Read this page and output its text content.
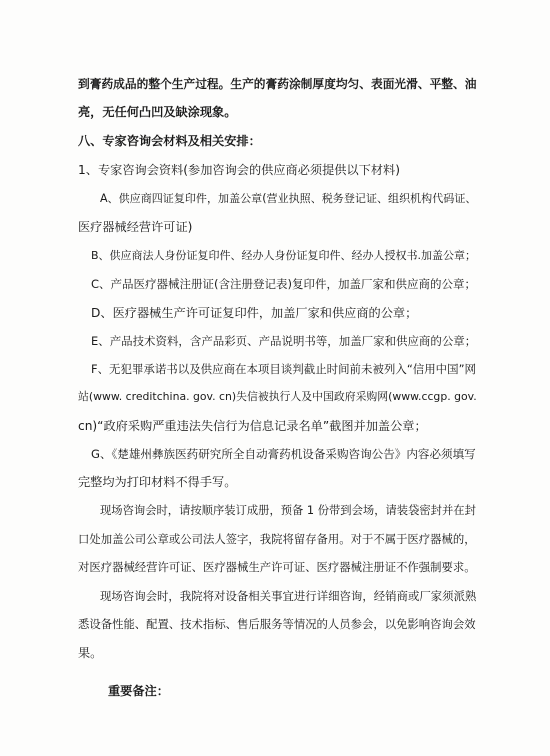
到膏药成品的整个生产过程。生产的膏药涂制厚度均匀、表面光滑、平整、油
亮，无任何凸凹及缺涂现象。
八、专家咨询会材料及相关安排：
1、专家咨询会资料(参加咨询会的供应商必须提供以下材料)
A、供应商四证复印件，加盖公章(营业执照、税务登记证、组织机构代码证、
医疗器械经营许可证)
B、供应商法人身份证复印件、经办人身份证复印件、经办人授权书.加盖公章；
C、产品医疗器械注册证(含注册登记表)复印件，加盖厂家和供应商的公章；
D、医疗器械生产许可证复印件，加盖厂家和供应商的公章；
E、产品技术资料，含产品彩页、产品说明书等，加盖厂家和供应商的公章；
F、无犯罪承诺书以及供应商在本项目谈判截止时间前未被列入“信用中国”网
站(www. creditchina. gov. cn)失信被执行人及中国政府采购网(www.ccgp. gov.
cn)“政府采购严重违法失信行为信息记录名单”截图并加盖公章；
G、《楚雄州彝族医药研究所全自动膏药机设备采购咨询公告》内容必须填写
完整均为打印材料不得手写。
现场咨询会时，请按顺序装订成册，预备 1 份带到会场，请装袋密封并在封
口处加盖公司公章或公司法人签字，我院将留存备用。对于不属于医疗器械的，
对医疗器械经营许可证、医疗器械生产许可证、医疗器械注册证不作强制要求。
现场咨询会时，我院将对设备相关事宜进行详细咨询，经销商或厂家须派熟
悉设备性能、配置、技术指标、售后服务等情况的人员参会，以免影响咨询会效
果。
重要备注：
